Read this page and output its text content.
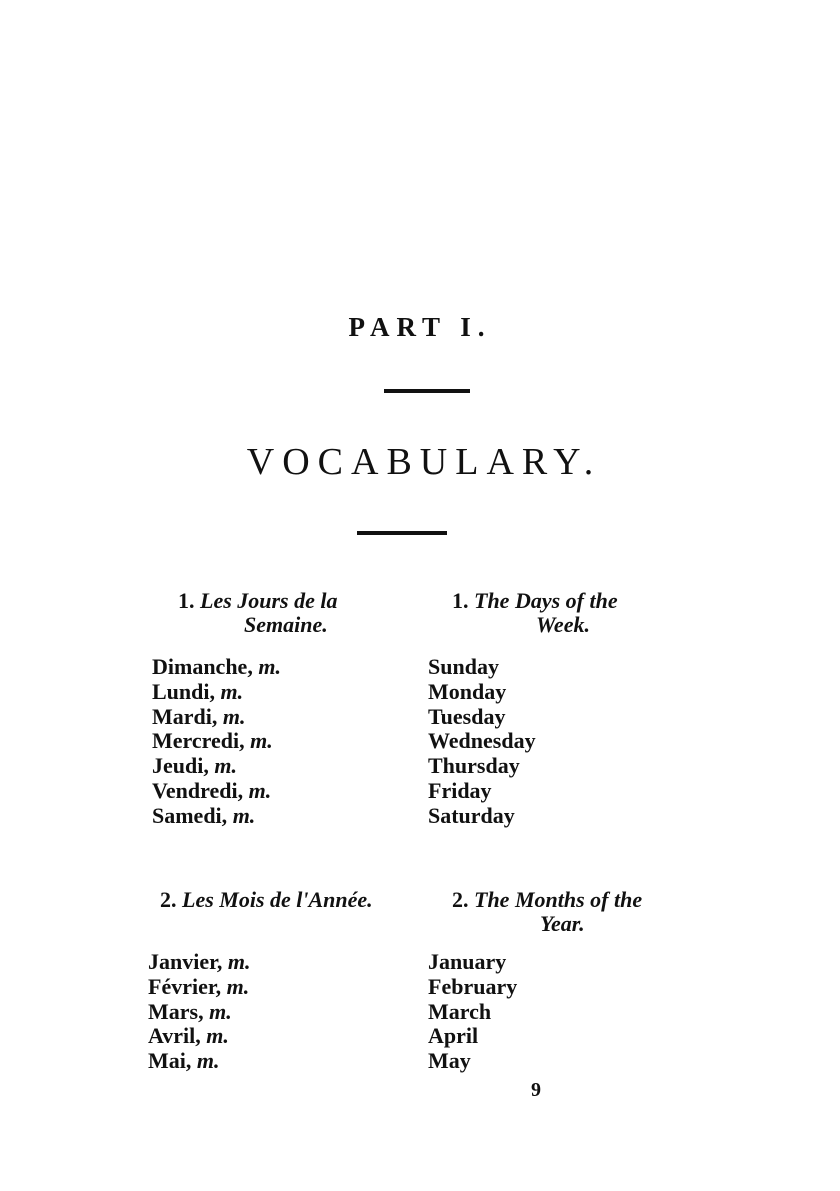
PART I.
VOCABULARY.
1. Les Jours de la
Semaine.
1. The Days of the
Week.
Dimanche, m.
Lundi, m.
Mardi, m.
Mercredi, m.
Jeudi, m.
Vendredi, m.
Samedi, m.
Sunday
Monday
Tuesday
Wednesday
Thursday
Friday
Saturday
2. Les Mois de l'Année.	2. The Months of the
Year.
Janvier, m.
Février, m.
Mars, m.
Avril, m.
Mai, m.
January
February
March
April
May
9
